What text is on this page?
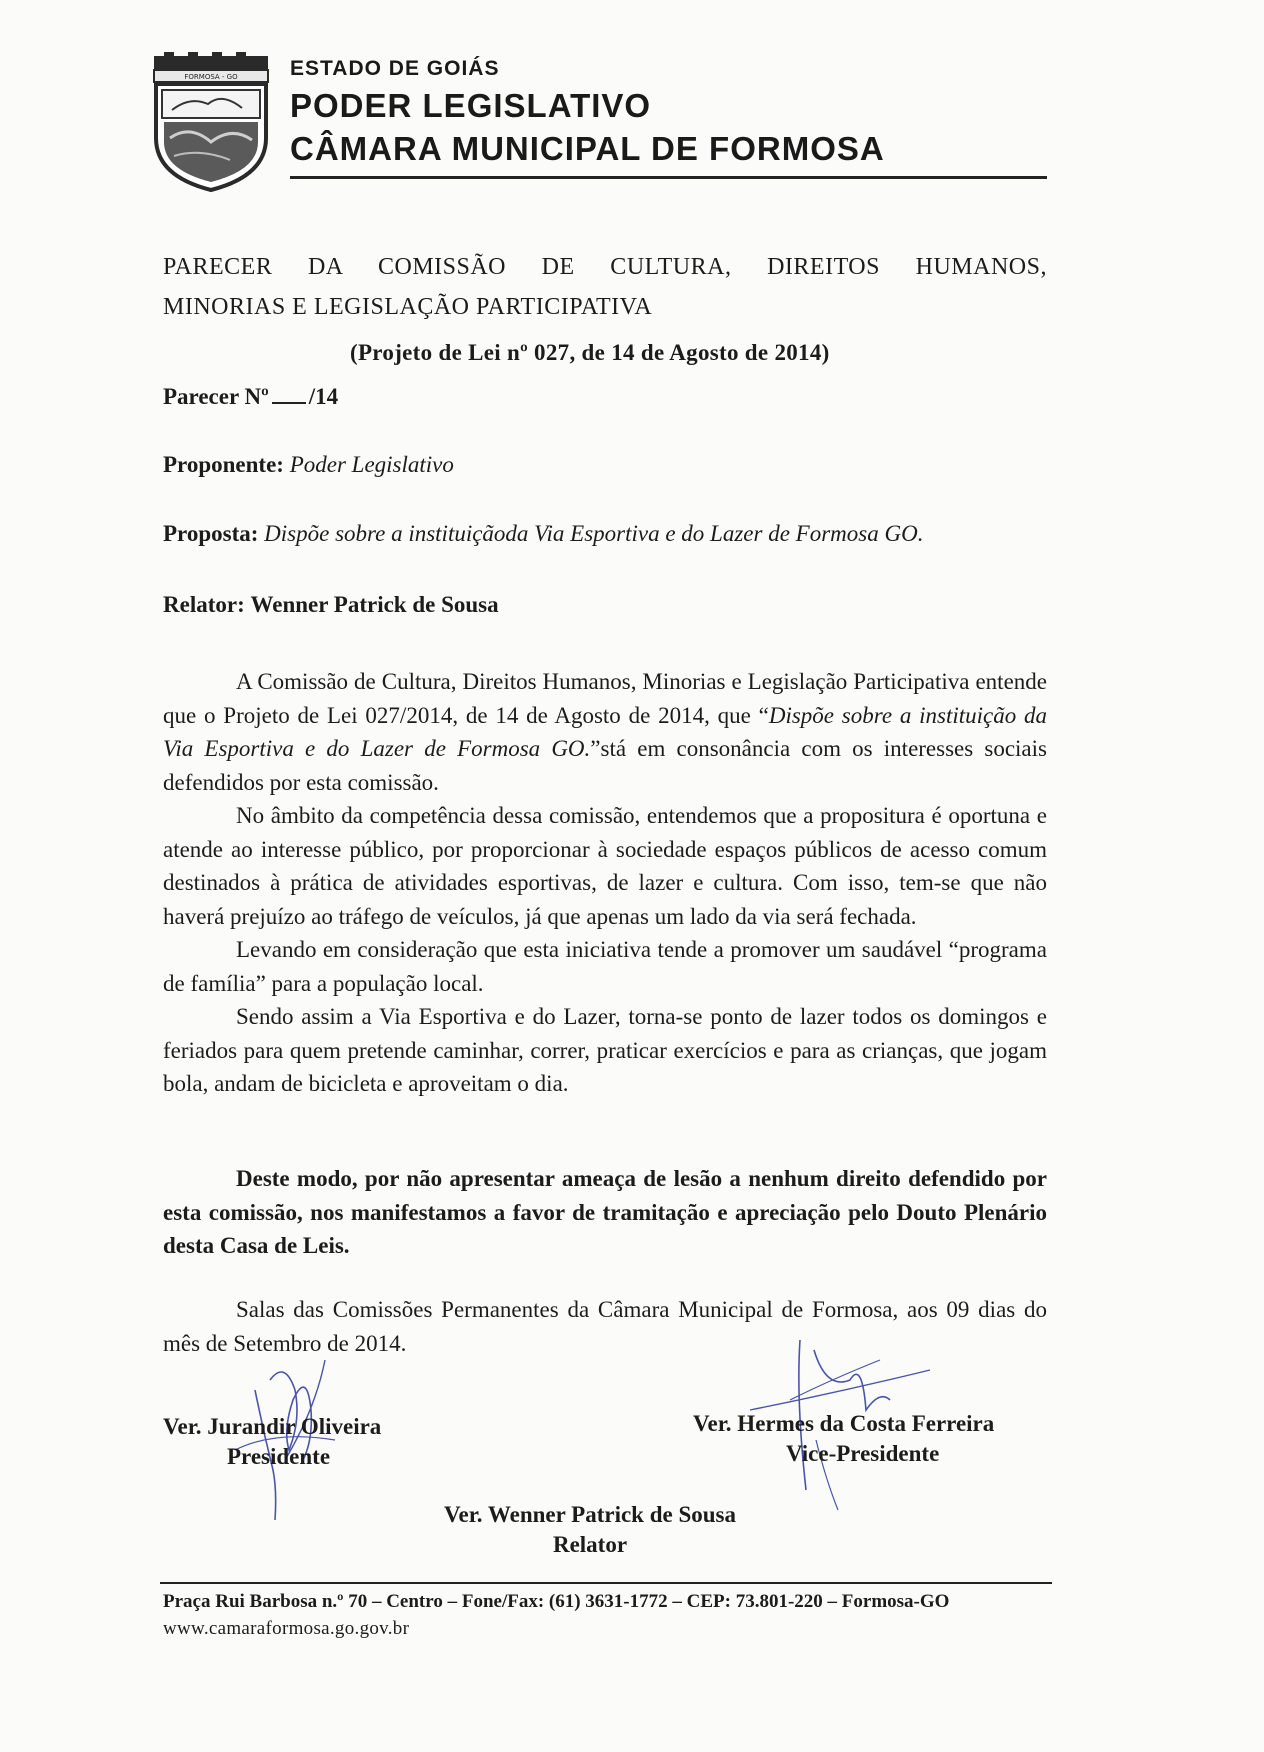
FORMOSA - GO ESTADO DE GOIÁS
PODER LEGISLATIVO
CÂMARA MUNICIPAL DE FORMOSA
PARECER DA COMISSÃO DE CULTURA, DIREITOS HUMANOS,
MINORIAS E LEGISLAÇÃO PARTICIPATIVA
(Projeto de Lei nº 027, de 14 de Agosto de 2014)
Parecer Nº /14
Proponente: Poder Legislativo
Proposta: Dispõe sobre a instituiçãoda Via Esportiva e do Lazer de Formosa GO.
Relator: Wenner Patrick de Sousa

A Comissão de Cultura, Direitos Humanos, Minorias e Legislação Participativa entende que o Projeto de Lei 027/2014, de 14 de Agosto de 2014, que “Dispõe sobre a instituição da Via Esportiva e do Lazer de Formosa GO.”stá em consonância com os interesses sociais defendidos por esta comissão.

No âmbito da competência dessa comissão, entendemos que a propositura é oportuna e atende ao interesse público, por proporcionar à sociedade espaços públicos de acesso comum destinados à prática de atividades esportivas, de lazer e cultura. Com isso, tem-se que não haverá prejuízo ao tráfego de veículos, já que apenas um lado da via será fechada.

Levando em consideração que esta iniciativa tende a promover um saudável “programa de família” para a população local.

Sendo assim a Via Esportiva e do Lazer, torna-se ponto de lazer todos os domingos e feriados para quem pretende caminhar, correr, praticar exercícios e para as crianças, que jogam bola, andam de bicicleta e aproveitam o dia.

Deste modo, por não apresentar ameaça de lesão a nenhum direito defendido por esta comissão, nos manifestamos a favor de tramitação e apreciação pelo Douto Plenário desta Casa de Leis.

Salas das Comissões Permanentes da Câmara Municipal de Formosa, aos 09 dias do mês de Setembro de 2014.

Ver. Jurandir Oliveira
Presidente
Ver. Hermes da Costa Ferreira
Vice-Presidente
Ver. Wenner Patrick de Sousa
Relator
Praça Rui Barbosa n.º 70 – Centro – Fone/Fax: (61) 3631-1772 – CEP: 73.801-220 – Formosa-GO
www.camaraformosa.go.gov.br
